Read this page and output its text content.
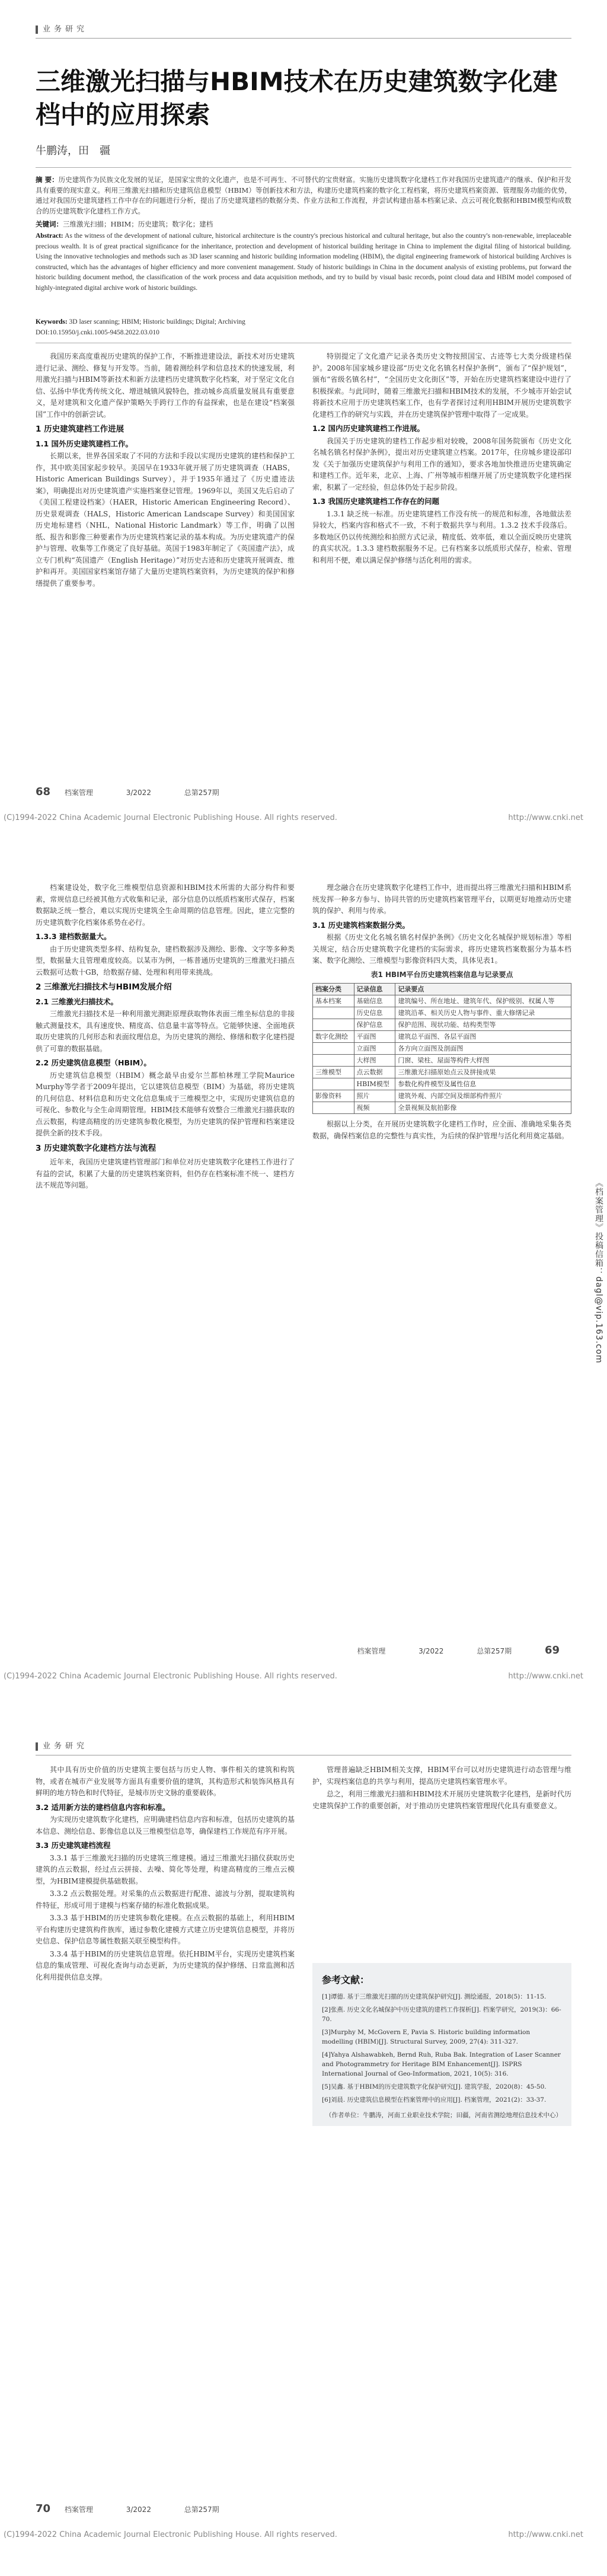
业务研究
三维激光扫描与HBIM技术在历史建筑数字化建档中的应用探索
牛鹏涛，田　疆
摘 要：历史建筑作为民族文化发展的见证，是国家宝贵的文化遗产，也是不可再生、不可替代的宝贵财富。实施历史建筑数字化建档工作对我国历史建筑遗产的继承、保护和开发具有重要的现实意义。利用三维激光扫描和历史建筑信息模型（HBIM）等创新技术和方法，构建历史建筑档案的数字化工程档案，将历史建筑档案资源、管理服务功能的优势，通过对我国历史建筑建档工作中存在的问题进行分析，提出了历史建筑建档的数据分类、作业方法和工作流程，并尝试构建由基本档案记录、点云可视化数据和HBIM模型构成数合的历史建筑数字化建档工作方式。
关键词：三维激光扫描；HBIM；历史建筑；数字化；建档
Abstract: As the witness of the development of national culture, historical architecture is the country's precious historical and cultural heritage, but also the country's non-renewable, irreplaceable precious wealth. It is of great practical significance for the inheritance, protection and development of historical building heritage in China to implement the digital filing of historical building. Using the innovative technologies and methods such as 3D laser scanning and historic building information modeling (HBIM), the digital engineering framework of historical building Archives is constructed, which has the advantages of higher efficiency and more convenient management. Study of historic buildings in China in the document analysis of existing problems, put forward the historic building document method, the classification of the work process and data acquisition methods, and try to build by visual basic records, point cloud data and HBIM model composed of highly-integrated digital archive work of historic buildings.
Keywords: 3D laser scanning; HBIM; Historic buildings; Digital; Archiving
DOI:10.15950/j.cnki.1005-9458.2022.03.010

我国历来高度重视历史建筑的保护工作，不断推进建设法，新技术对历史建筑进行记录、测绘、修复与开发等。当前，随着测绘科学和信息技术的快速发展，利用激光扫描与HBIM等新技术和新方法建档历史建筑数字化档案，对于坚定文化自信、弘扬中华优秀传统文化、增进城镇风貌特色，推动城乡高质量发展具有重要意义，是对建筑和文化遗产保护策略矢手跨行工作的有益探索，也是在建设“档案强国”工作中的创新尝试。

1 历史建筑建档工作进展
1.1 国外历史建筑建档工作。

长期以来，世界各国采取了不同的方法和手段以实现历史建筑的建档和保护工作，其中欧美国家起步较早。美国早在1933年就开展了历史建筑调查（HABS，Historic American Buildings Survey），并于1935年通过了《历史遗迹法案》，明确提出对历史建筑遗产实施档案登记管理。1969年以，美国又先后启动了《美国工程建设档案》（HAER，Historic American Engineering Record）、历史景观调查（HALS，Historic American Landscape Survey）和美国国家历史地标建档（NHL，National Historic Landmark）等工作，明确了以图纸、报告和影像三种要素作为历史建筑档案记录的基本构成。为历史建筑遗产的保护与管理、收集等工作奠定了良好基础。英国于1983年制定了《英国遗产法》，成立专门机构“英国遗产（English Heritage）”对历史古迹和历史建筑开展调查、维护和再开。美国国家档案馆存储了大量历史建筑档案资料，为历史建筑的保护和修缮提供了重要参考。

特别提定了文化遗产记录各类历史文物按照国宝、古迹等七大类分级建档保护。2008年国家城乡建设部“历史文化名镇名村保护条例”，颁布了“保护规划”，颁布“省级名镇名村”，“全国历史文化街区”等，开始在历史建筑档案建设中进行了积极探索。与此同时，随着三维激光扫描和HBIM技术的发展，不少城市开始尝试将新技术应用于历史建筑档案工作，也有学者探讨过利用HBIM开展历史建筑数字化建档工作的研究与实践，并在历史建筑保护管理中取得了一定成果。

1.2 国内历史建筑建档工作进展。

我国关于历史建筑的建档工作起步相对较晚，2008年国务院颁布《历史文化名城名镇名村保护条例》，提出对历史建筑建立档案。2017年，住房城乡建设部印发《关于加强历史建筑保护与利用工作的通知》，要求各地加快推进历史建筑确定和建档工作。近年来，北京、上海、广州等城市相继开展了历史建筑数字化建档探索，积累了一定经验，但总体仍处于起步阶段。

1.3 我国历史建筑建档工作存在的问题

1.3.1 缺乏统一标准。历史建筑建档工作没有统一的规范和标准，各地做法差异较大，档案内容和格式不一致，不利于数据共享与利用。1.3.2 技术手段落后。多数地区仍以传统测绘和拍照方式记录，精度低、效率低，难以全面反映历史建筑的真实状况。1.3.3 建档数据服务不足。已有档案多以纸质形式保存，检索、管理和利用不便，难以满足保护修缮与活化利用的需求。

68 档案管理	3/2022	总第257期
(C)1994-2022 China Academic Journal Electronic Publishing House. All rights reserved.	http://www.cnki.net

档案建设处，数字化三维模型信息资源和HBIM技术所需的大部分构件和要素，常规信息已经被其他方式收集和记录，部分信息仍以纸质档案形式保存，档案数据缺乏统一整合，难以实现历史建筑全生命周期的信息管理。因此，建立完整的历史建筑数字化档案体系势在必行。

1.3.3 建档数据量大。

由于历史建筑类型多样、结构复杂，建档数据涉及测绘、影像、文字等多种类型，数据量大且管理难度较高。以某市为例，一栋普通历史建筑的三维激光扫描点云数据可达数十GB，给数据存储、处理和利用带来挑战。

2 三维激光扫描技术与HBIM发展介绍
2.1 三维激光扫描技术。

三维激光扫描技术是一种利用激光测距原理获取物体表面三维坐标信息的非接触式测量技术，具有速度快、精度高、信息量丰富等特点。它能够快速、全面地获取历史建筑的几何形态和表面纹理信息，为历史建筑的测绘、修缮和数字化建档提供了可靠的数据基础。

2.2 历史建筑信息模型（HBIM）。

历史建筑信息模型（HBIM）概念最早由爱尔兰都柏林理工学院Maurice Murphy等学者于2009年提出，它以建筑信息模型（BIM）为基础，将历史建筑的几何信息、材料信息和历史文化信息集成于三维模型之中，实现历史建筑信息的可视化、参数化与全生命周期管理。HBIM技术能够有效整合三维激光扫描获取的点云数据，构建高精度的历史建筑参数化模型，为历史建筑的保护管理和档案建设提供全新的技术手段。

3 历史建筑数字化建档方法与流程

近年来，我国历史建筑建档管理部门和单位对历史建筑数字化建档工作进行了有益的尝试，积累了大量的历史建筑档案资料，但仍存在档案标准不统一、建档方法不规范等问题。

理念融合在历史建筑数字化建档工作中，进而提出将三维激光扫描和HBIM系统发挥一种多方参与、协同共管的历史建筑档案管理平台，以期更好地推动历史建筑的保护、利用与传承。

3.1 历史建筑档案数据分类。

根据《历史文化名城名镇名村保护条例》《历史文化名城保护规划标准》等相关规定，结合历史建筑数字化建档的实际需求，将历史建筑档案数据分为基本档案、数字化测绘、三维模型与影像资料四大类，具体见表1。

表1 HBIM平台历史建筑档案信息与记录要点
档案分类	记录信息	记录要点
基本档案	基础信息	建筑编号、所在地址、建筑年代、保护级别、权属人等
	历史信息	建筑沿革、相关历史人物与事件、重大修缮记录
	保护信息	保护范围、现状功能、结构类型等
数字化测绘	平面图	建筑总平面图、各层平面图
	立面图	各方向立面图及剖面图
	大样图	门窗、梁柱、屋面等构件大样图
三维模型	点云数据	三维激光扫描原始点云及拼接成果
	HBIM模型	参数化构件模型及属性信息
影像资料	照片	建筑外观、内部空间及细部构件照片
	视频	全景视频及航拍影像

根据以上分类，在开展历史建筑数字化建档工作时，应全面、准确地采集各类数据，确保档案信息的完整性与真实性，为后续的保护管理与活化利用奠定基础。

《档案管理》投稿信箱：dagl@vip.163.com
档案管理	3/2022	总第257期	69
(C)1994-2022 China Academic Journal Electronic Publishing House. All rights reserved.	http://www.cnki.net
业务研究

其中具有历史价值的历史建筑主要包括与历史人物、事件相关的建筑和构筑物，或者在城市产业发展等方面具有重要价值的建筑，其构造形式和装饰风格具有鲜明的地方特色和时代特征，是城市历史文脉的重要载体。

3.2 适用新方法的建档信息内容和标准。

为实现历史建筑数字化建档，应明确建档信息内容和标准，包括历史建筑的基本信息、测绘信息、影像信息以及三维模型信息等，确保建档工作规范有序开展。

3.3 历史建筑建档流程

3.3.1 基于三维激光扫描的历史建筑三维建模。通过三维激光扫描仪获取历史建筑的点云数据，经过点云拼接、去噪、简化等处理，构建高精度的三维点云模型，为HBIM建模提供基础数据。

3.3.2 点云数据处理。对采集的点云数据进行配准、滤波与分割，提取建筑构件特征，形成可用于建模与档案存储的标准化数据成果。

3.3.3 基于HBIM的历史建筑参数化建模。在点云数据的基础上，利用HBIM平台构建历史建筑构件族库，通过参数化建模方式建立历史建筑信息模型，并将历史信息、保护信息等属性数据关联至模型构件。

3.3.4 基于HBIM的历史建筑信息管理。依托HBIM平台，实现历史建筑档案信息的集成管理、可视化查询与动态更新，为历史建筑的保护修缮、日常监测和活化利用提供信息支撑。

管理普遍缺乏HBIM相关支撑，HBIM平台可以对历史建筑进行动态管理与维护，实现档案信息的共享与利用，提高历史建筑档案管理水平。

总之，利用三维激光扫描和HBIM技术开展历史建筑数字化建档，是新时代历史建筑保护工作的重要创新，对于推动历史建筑档案管理现代化具有重要意义。

参考文献：
[1]谭德. 基于三维激光扫描的历史建筑保护研究[J]. 测绘通报，2018(5)：11-15.
[2]张燕. 历史文化名城保护中历史建筑的建档工作探析[J]. 档案学研究，2019(3)：66-70.
[3]Murphy M, McGovern E, Pavia S. Historic building information modelling (HBIM)[J]. Structural Survey, 2009, 27(4): 311-327.
[4]Yahya Alshawabkeh, Bernd Ruh, Ruba Bak. Integration of Laser Scanner and Photogrammetry for Heritage BIM Enhancement[J]. ISPRS International Journal of Geo-Information, 2021, 10(5): 316.
[5]吴鑫. 基于HBIM的历史建筑数字化保护研究[J]. 建筑学报，2020(8)：45-50.
[6]刘晨. 历史建筑信息模型在档案管理中的应用[J]. 档案管理，2021(2)：33-37.
（作者单位：牛鹏涛，河南工业职业技术学院；田疆，河南省测绘地理信息技术中心）
70 档案管理	3/2022	总第257期
(C)1994-2022 China Academic Journal Electronic Publishing House. All rights reserved.	http://www.cnki.net
